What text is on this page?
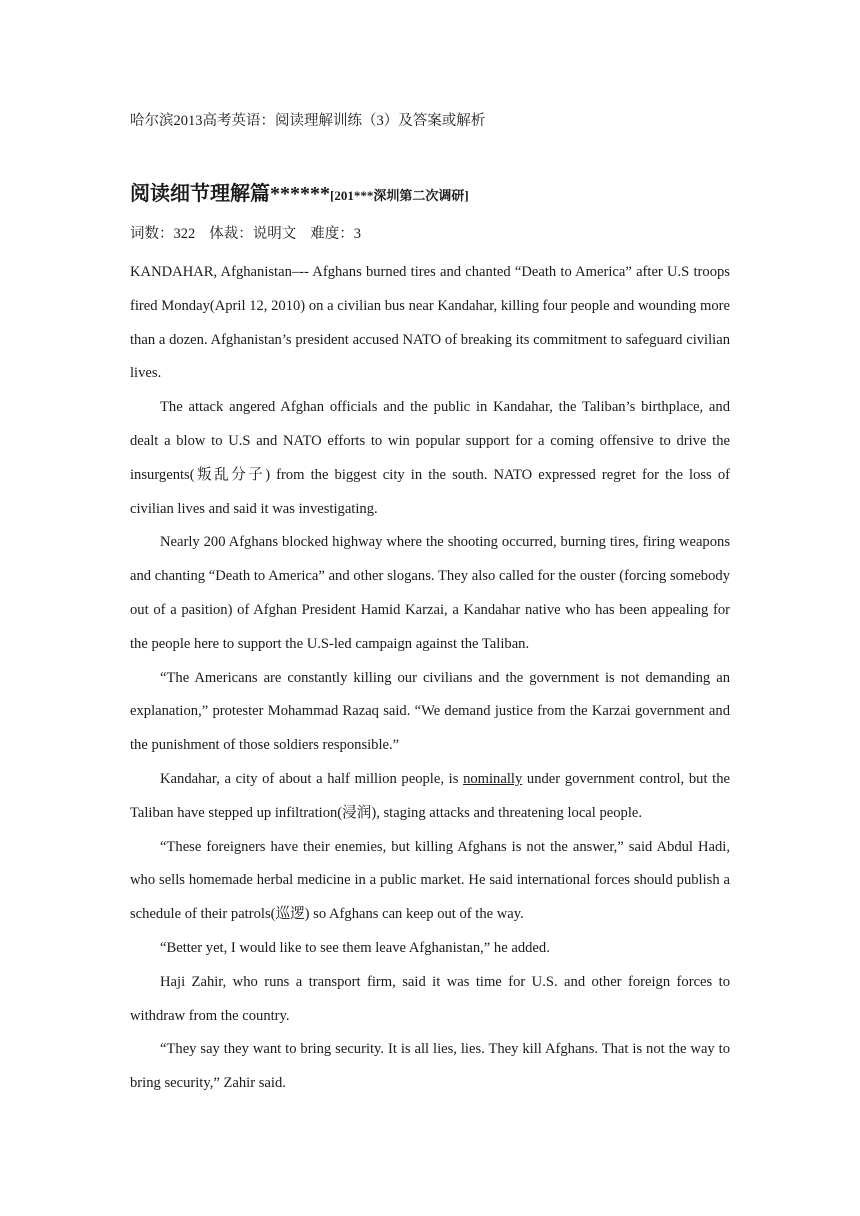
哈尔滨2013高考英语：阅读理解训练（3）及答案或解析
阅读细节理解篇******[201***深圳第二次调研]
词数：322 体裁：说明文 难度：3

KANDAHAR, Afghanistan–-- Afghans burned tires and chanted “Death to America” after U.S troops fired Monday(April 12, 2010) on a civilian bus near Kandahar, killing four people and wounding more than a dozen. Afghanistan’s president accused NATO of breaking its commitment to safeguard civilian lives.

The attack angered Afghan officials and the public in Kandahar, the Taliban’s birthplace, and dealt a blow to U.S and NATO efforts to win popular support for a coming offensive to drive the insurgents(叛乱分子) from the biggest city in the south. NATO expressed regret for the loss of civilian lives and said it was investigating.

Nearly 200 Afghans blocked highway where the shooting occurred, burning tires, firing weapons and chanting “Death to America” and other slogans. They also called for the ouster (forcing somebody out of a pasition) of Afghan President Hamid Karzai, a Kandahar native who has been appealing for the people here to support the U.S-led campaign against the Taliban.

“The Americans are constantly killing our civilians and the government is not demanding an explanation,” protester Mohammad Razaq said. “We demand justice from the Karzai government and the punishment of those soldiers responsible.”

Kandahar, a city of about a half million people, is nominally under government control, but the Taliban have stepped up infiltration(浸润), staging attacks and threatening local people.

“These foreigners have their enemies, but killing Afghans is not the answer,” said Abdul Hadi, who sells homemade herbal medicine in a public market. He said international forces should publish a schedule of their patrols(巡逻) so Afghans can keep out of the way.

“Better yet, I would like to see them leave Afghanistan,” he added.

Haji Zahir, who runs a transport firm, said it was time for U.S. and other foreign forces to withdraw from the country.

“They say they want to bring security. It is all lies, lies. They kill Afghans. That is not the way to bring security,” Zahir said.
